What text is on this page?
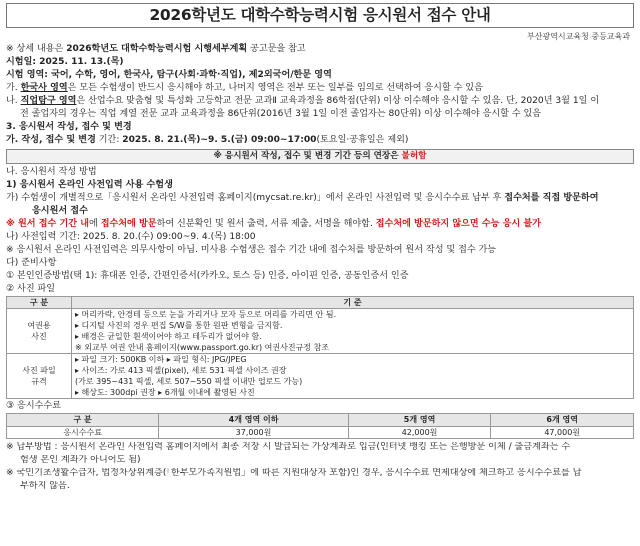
2026학년도 대학수학능력시험 응시원서 접수 안내
부산광역시교육청 중등교육과
※ 상세 내용은 2026학년도 대학수학능력시험 시행세부계획 공고문을 참고
시험일: 2025. 11. 13.(목)
시험 영역: 국어, 수학, 영어, 한국사, 탐구(사회·과학·직업), 제2외국어/한문 영역
가. 한국사 영역은 모든 수험생이 반드시 응시해야 하고, 나머지 영역은 전부 또는 일부를 임의로 선택하여 응시할 수 있음
나. 직업탐구 영역은 산업수요 맞춤형 및 특성화 고등학교 전문 교과Ⅱ 교육과정을 86학점(단위) 이상 이수해야 응시할 수 있음. 단, 2020년 3월 1일 이
전 졸업자의 경우는 직업 계열 전문 교과 교육과정을 86단위(2016년 3월 1일 이전 졸업자는 80단위) 이상 이수해야 응시할 수 있음
3. 응시원서 작성, 접수 및 변경
가. 작성, 접수 및 변경 기간: 2025. 8. 21.(목)~9. 5.(금) 09:00~17:00(토요일·공휴일은 제외)
※ 응시원서 작성, 접수 및 변경 기간 등의 연장은 불허함
나. 응시원서 작성 방법
1) 응시원서 온라인 사전입력 사용 수험생
가) 수험생이 개별적으로「응시원서 온라인 사전입력 홈페이지(mycsat.re.kr)」에서 온라인 사전입력 및 응시수수료 납부 후 접수처를 직접 방문하여
응시원서 접수
※ 원서 접수 기간 내에 접수처에 방문하여 신분확인 및 원서 출력, 서류 제출, 서명을 해야함. 접수처에 방문하지 않으면 수능 응시 불가
나) 사전입력 기간: 2025. 8. 20.(수) 09:00~9. 4.(목) 18:00
※ 응시원서 온라인 사전입력은 의무사항이 아님. 미사용 수험생은 접수 기간 내에 접수처를 방문하여 원서 작성 및 접수 가능
다) 준비사항
① 본인인증방법(택 1): 휴대폰 인증, 간편인증서(카카오, 토스 등) 인증, 아이핀 인증, 공동인증서 인증
② 사진 파일
구 분	기 준

여권용
사진	▸ 머리카락, 안경테 등으로 눈을 가리거나 모자 등으로 머리를 가리면 안 됨.
▸ 디지털 사진의 경우 편집 S/W를 통한 원판 변형을 금지함.
▸ 배경은 균일한 흰색이어야 하고 테두리가 없어야 함.
※ 외교부 여권 안내 홈페이지(www.passport.go.kr) 여권사진규정 참조

사진 파일
규격	▸ 파일 크기: 500KB 이하 ▸ 파일 형식: JPG/JPEG
▸ 사이즈: 가로 413 픽셀(pixel), 세로 531 픽셀 사이즈 권장
(가로 395~431 픽셀, 세로 507~550 픽셀 이내만 업로드 가능)
▸ 해상도: 300dpi 권장 ▸ 6개월 이내에 촬영된 사진
③ 응시수수료
구 분	4개 영역 이하	5개 영역	6개 영역
응시수수료	37,000원	42,000원	47,000원
※ 납부방법 : 응시원서 온라인 사전입력 홈페이지에서 최종 저장 시 발급되는 가상계좌로 입금(인터넷 뱅킹 또는 은행방문 이체 / 출금계좌는 수
험생 본인 계좌가 아니어도 됨)
※ 국민기초생활수급자, 법정차상위계층(「한부모가족지원법」에 따른 지원대상자 포함)인 경우, 응시수수료 면제대상에 체크하고 응시수수료를 납
부하지 않음.
